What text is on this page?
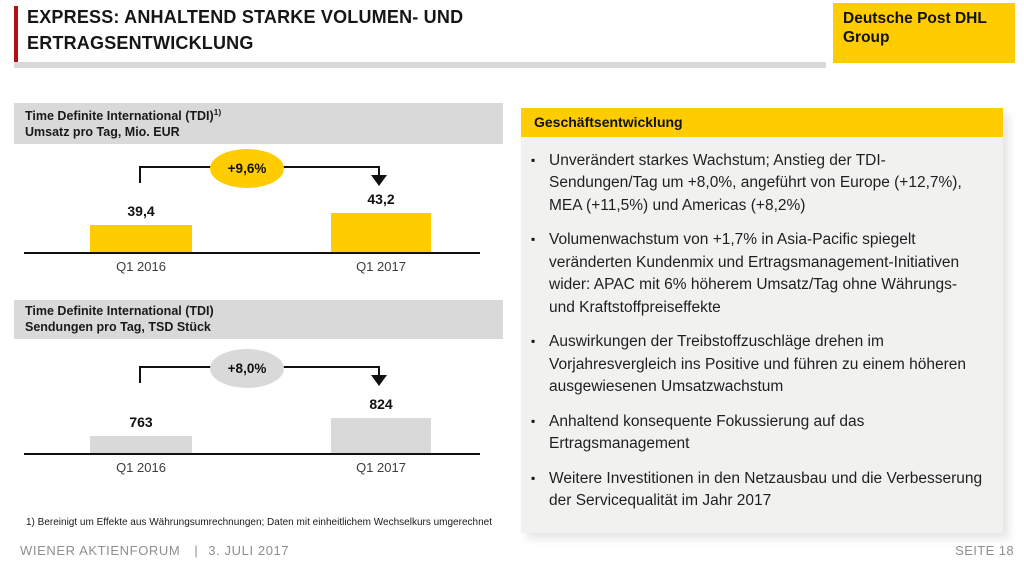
EXPRESS: ANHALTEND STARKE VOLUMEN- UND
ERTRAGSENTWICKLUNG
Deutsche Post DHL
Group
Time Definite International (TDI)$^{1)}$
Umsatz pro Tag, Mio. EUR
+9,6%
39,4
43,2
Q1 2016	Q1 2017
Time Definite International (TDI)
Sendungen pro Tag, TSD Stück
+8,0%
763
824
Q1 2016	Q1 2017
Geschäftsentwicklung
▪ Unverändert starkes Wachstum; Anstieg der TDI-Sendungen/Tag um +8,0%, angeführt von Europe (+12,7%), MEA (+11,5%) und Americas (+8,2%)
▪ Volumenwachstum von +1,7% in Asia-Pacific spiegelt veränderten Kundenmix und Ertragsmanagement-Initiativen wider: APAC mit 6% höherem Umsatz/Tag ohne Währungs- und Kraftstoffpreiseffekte
▪ Auswirkungen der Treibstoffzuschläge drehen im Vorjahresvergleich ins Positive und führen zu einem höheren ausgewiesenen Umsatzwachstum
▪ Anhaltend konsequente Fokussierung auf das Ertragsmanagement
▪ Weitere Investitionen in den Netzausbau und die Verbesserung der Servicequalität im Jahr 2017
1) Bereinigt um Effekte aus Währungsumrechnungen; Daten mit einheitlichem Wechselkurs umgerechnet
WIENER AKTIENFORUM | 3. JULI 2017	SEITE 18
